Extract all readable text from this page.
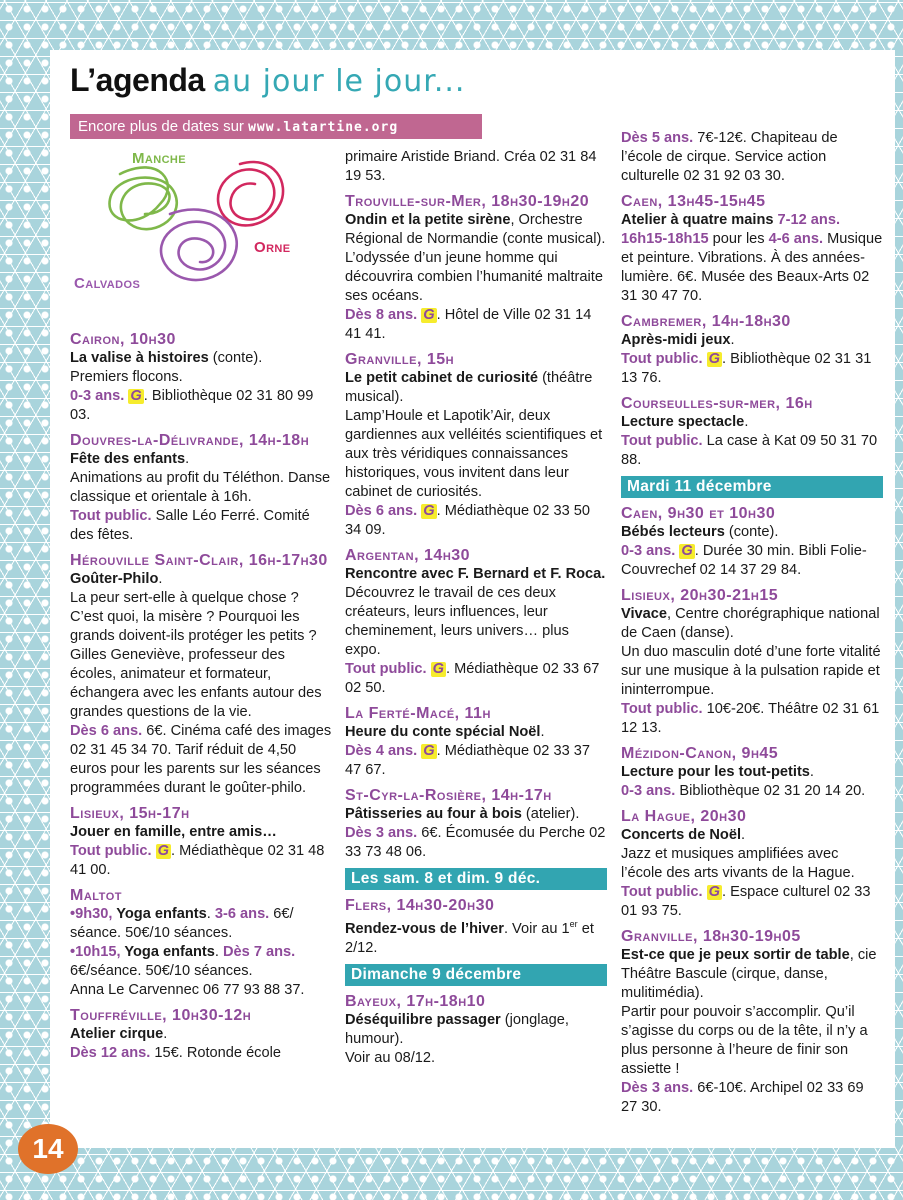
L’agenda au jour le jour...
Encore plus de dates sur www.latartine.org
Manche
Orne
Calvados
Cairon, 10h30

La valise à histoires (conte).
Premiers flocons.
0-3 ans. G . Bibliothèque 02 31 80 99 03.

Douvres-la-Délivrande, 14h-18h

Fête des enfants.
Animations au profit du Téléthon. Danse classique et orientale à 16h.
Tout public. Salle Léo Ferré. Comité des fêtes.

Hérouville Saint-Clair, 16h-17h30

Goûter-Philo.
La peur sert-elle à quelque chose ? C’est quoi, la misère ? Pourquoi les grands doivent-ils protéger les petits ? Gilles Geneviève, professeur des écoles, animateur et formateur, échangera avec les enfants autour des grandes questions de la vie.
Dès 6 ans. 6€. Cinéma café des images 02 31 45 34 70. Tarif réduit de 4,50 euros pour les parents sur les séances programmées durant le goûter-philo.

Lisieux, 15h-17h

Jouer en famille, entre amis…
Tout public. G . Médiathèque 02 31 48 41 00.

Maltot

•9h30, Yoga enfants. 3-6 ans. 6€/ séance. 50€/10 séances.
•10h15, Yoga enfants. Dès 7 ans. 6€/séance. 50€/10 séances.
Anna Le Carvennec 06 77 93 88 37.

Touffréville, 10h30-12h

Atelier cirque.
Dès 12 ans. 15€. Rotonde école

primaire Aristide Briand. Créa 02 31 84 19 53.

Trouville-sur-Mer, 18h30-19h20

Ondin et la petite sirène, Orchestre Régional de Normandie (conte musical).
L’odyssée d’un jeune homme qui découvrira combien l’humanité maltraite ses océans.
Dès 8 ans. G . Hôtel de Ville 02 31 14 41 41.

Granville, 15h

Le petit cabinet de curiosité (théâtre musical).
Lamp’Houle et Lapotik’Air, deux gardiennes aux velléités scientifiques et aux très véridiques connaissances historiques, vous invitent dans leur cabinet de curiosités.
Dès 6 ans. G . Médiathèque 02 33 50 34 09.

Argentan, 14h30

Rencontre avec F. Bernard et F. Roca.
Découvrez le travail de ces deux créateurs, leurs influences, leur cheminement, leurs univers… plus expo.
Tout public. G . Médiathèque 02 33 67 02 50.

La Ferté-Macé, 11h

Heure du conte spécial Noël.
Dès 4 ans. G . Médiathèque 02 33 37 47 67.

St-Cyr-la-Rosière, 14h-17h

Pâtisseries au four à bois (atelier).
Dès 3 ans. 6€. Écomusée du Perche 02 33 73 48 06.

Les sam. 8 et dim. 9 déc.
Flers, 14h30-20h30

Rendez-vous de l’hiver. Voir au 1er et 2/12.

Dimanche 9 décembre
Bayeux, 17h-18h10

Déséquilibre passager (jonglage, humour).
Voir au 08/12.

Dès 5 ans. 7€-12€. Chapiteau de l’école de cirque. Service action culturelle 02 31 92 03 30.

Caen, 13h45-15h45

Atelier à quatre mains 7-12 ans.
16h15-18h15 pour les 4-6 ans. Musique et peinture. Vibrations. À des années-lumière. 6€. Musée des Beaux-Arts 02 31 30 47 70.

Cambremer, 14h-18h30

Après-midi jeux.
Tout public. G . Bibliothèque 02 31 31 13 76.

Courseulles-sur-mer, 16h

Lecture spectacle.
Tout public. La case à Kat 09 50 31 70 88.

Mardi 11 décembre
Caen, 9h30 et 10h30

Bébés lecteurs (conte).
0-3 ans. G . Durée 30 min. Bibli Folie-Couvrechef 02 14 37 29 84.

Lisieux, 20h30-21h15

Vivace, Centre chorégraphique national de Caen (danse).
Un duo masculin doté d’une forte vitalité sur une musique à la pulsation rapide et ininterrompue.
Tout public. 10€-20€. Théâtre 02 31 61 12 13.

Mézidon-Canon, 9h45

Lecture pour les tout-petits.
0-3 ans. Bibliothèque 02 31 20 14 20.

La Hague, 20h30

Concerts de Noël.
Jazz et musiques amplifiées avec l’école des arts vivants de la Hague.
Tout public. G . Espace culturel 02 33 01 93 75.

Granville, 18h30-19h05

Est-ce que je peux sortir de table, cie Théâtre Bascule (cirque, danse, mulitimédia).
Partir pour pouvoir s’accomplir. Qu’il s’agisse du corps ou de la tête, il n’y a plus personne à l’heure de finir son assiette !
Dès 3 ans. 6€-10€. Archipel 02 33 69 27 30.

14
